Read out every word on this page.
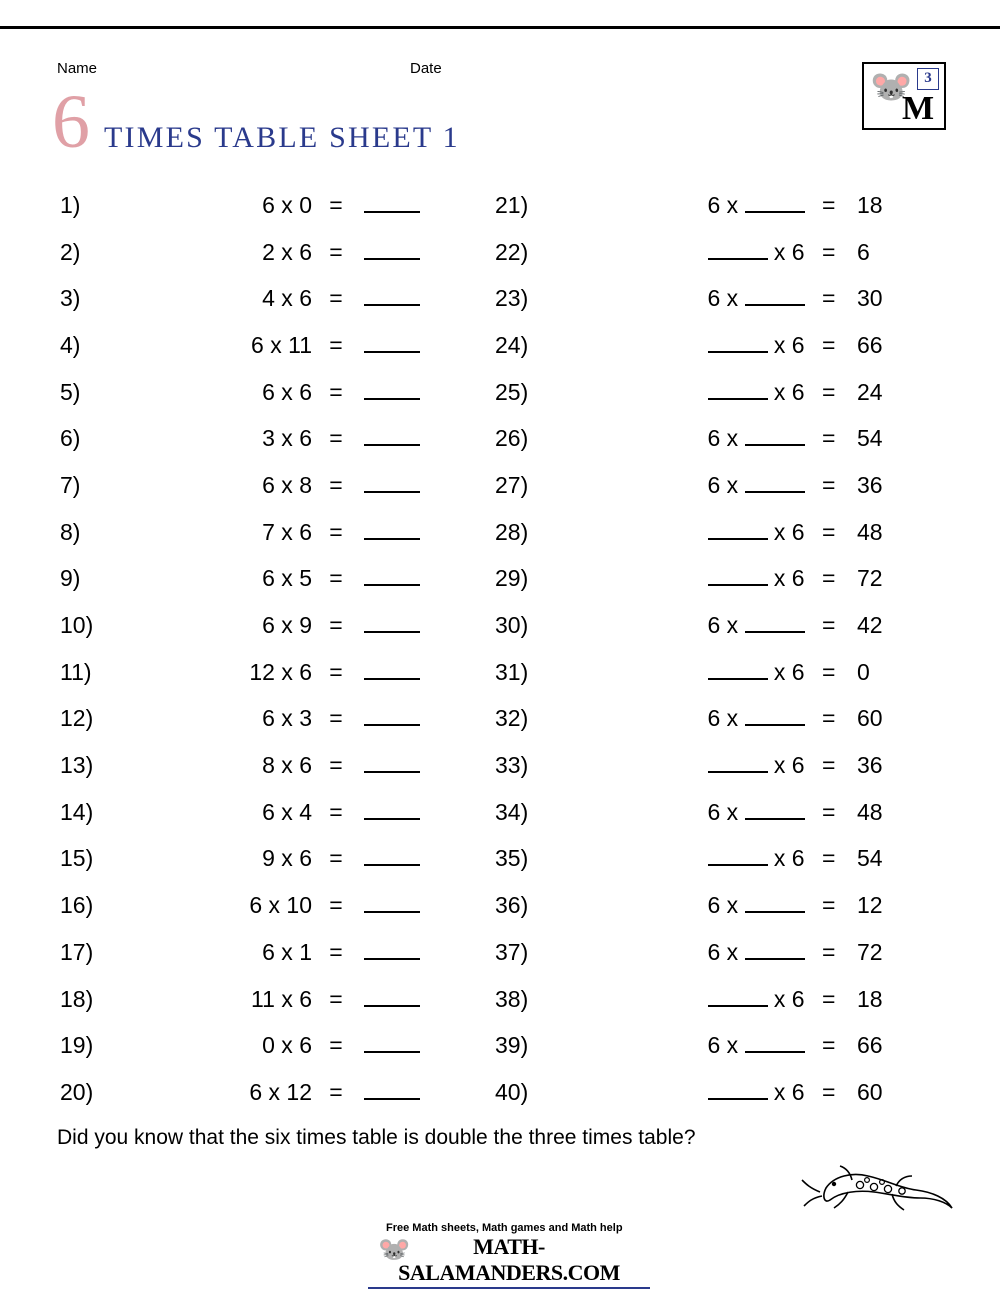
Name	Date
6 TIMES TABLE SHEET 1
🐭
M
3
1)	6 x 0 =
2)	2 x 6 =
3)	4 x 6 =
4)	6 x 11 =
5)	6 x 6 =
6)	3 x 6 =
7)	6 x 8 =
8)	7 x 6 =
9)	6 x 5 =
10)	6 x 9 =
11)	12 x 6 =
12)	6 x 3 =
13)	8 x 6 =
14)	6 x 4 =
15)	9 x 6 =
16)	6 x 10 =
17)	6 x 1 =
18)	11 x 6 =
19)	0 x 6 =
20)	6 x 12 =
21)	6 x	= 18
22)	x 6 = 6
23)	6 x	= 30
24)	x 6 = 66
25)	x 6 = 24
26)	6 x	= 54
27)	6 x	= 36
28)	x 6 = 48
29)	x 6 = 72
30)	6 x	= 42
31)	x 6 = 0
32)	6 x	= 60
33)	x 6 = 36
34)	6 x	= 48
35)	x 6 = 54
36)	6 x	= 12
37)	6 x	= 72
38)	x 6 = 18
39)	6 x	= 66
40)	x 6 = 60
Did you know that the six times table is double the three times table?
🐭
Free Math sheets, Math games and Math help
MATH-SALAMANDERS.COM
